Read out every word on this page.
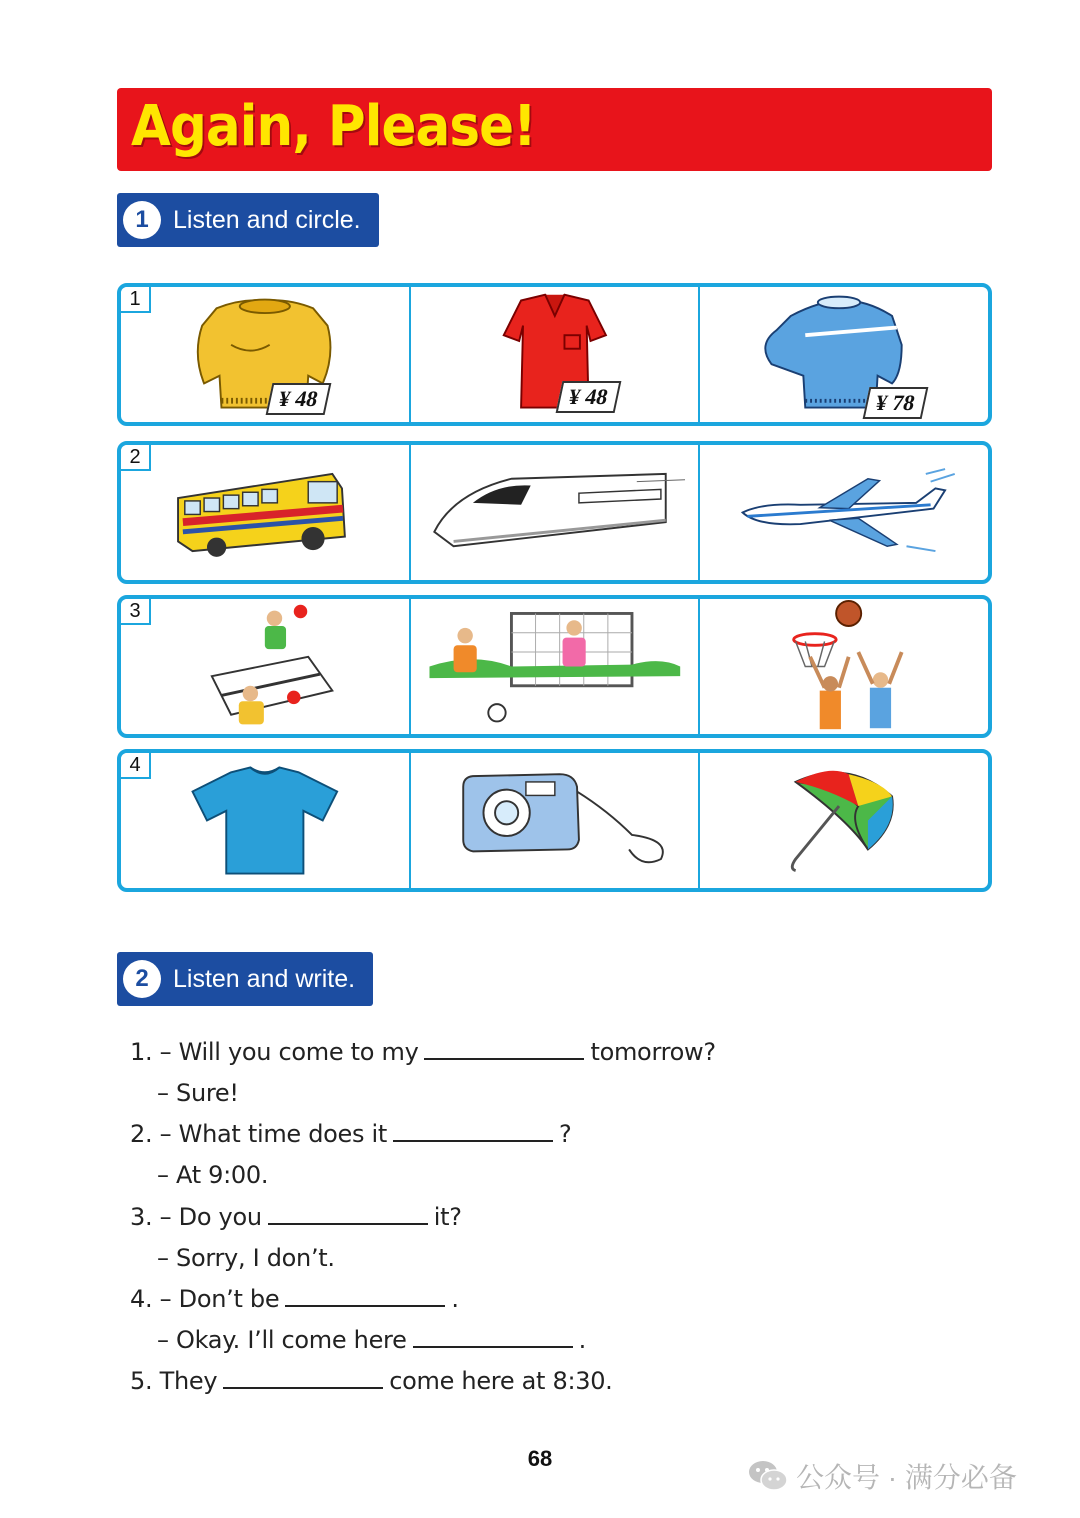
Again, Please!
1 Listen and circle.
1
¥ 48	¥ 48	¥ 78
2
3
4
2 Listen and write.
1. – Will you come to my	tomorrow?
– Sure!
2. – What time does it	?
– At 9:00.
3. – Do you	it?
– Sorry, I don’t.
4. – Don’t be	.
– Okay. I’ll come here	.
5. They	come here at 8:30.
68
公众号 · 满分必备
